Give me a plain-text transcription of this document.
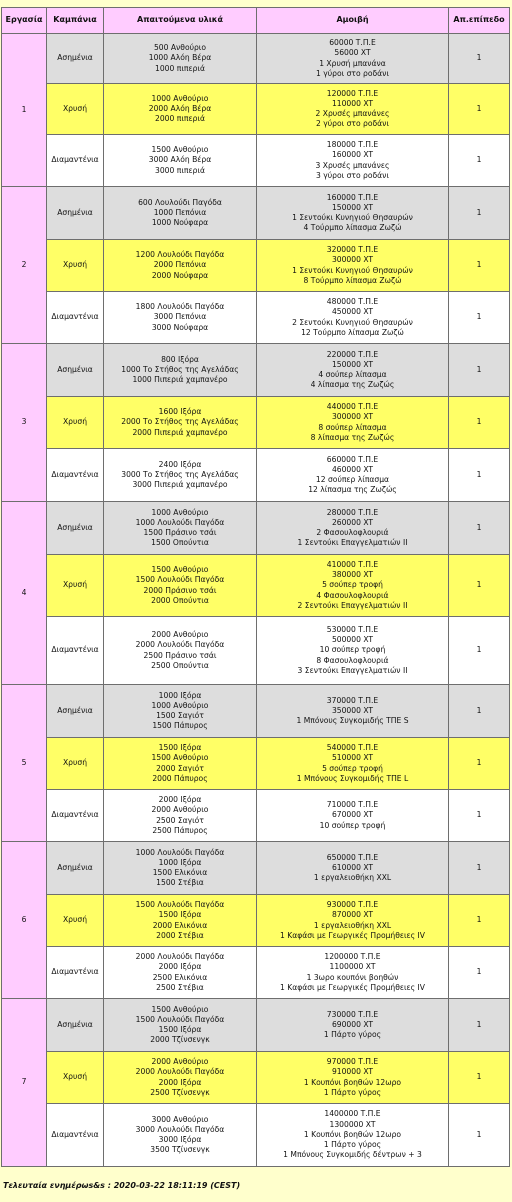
Εργασία	Καμπάνια	Απαιτούμενα υλικά	Αμοιβή	Απ.επίπεδο
1	Ασημένια	500 Ανθούριο
1000 Αλόη Βέρα
1000 πιπεριά	60000 Τ.Π.Ε
56000 XT
1 Χρυσή μπανάνα
1 γύροι στο ροδάνι	1
	Χρυσή	1000 Ανθούριο
2000 Αλόη Βέρα
2000 πιπεριά	120000 Τ.Π.Ε
110000 XT
2 Χρυσές μπανάνες
2 γύροι στο ροδάνι	1
	Διαμαντένια	1500 Ανθούριο
3000 Αλόη Βέρα
3000 πιπεριά	180000 Τ.Π.Ε
160000 XT
3 Χρυσές μπανάνες
3 γύροι στο ροδάνι	1
2	Ασημένια	600 Λουλούδι Παγόδα
1000 Πεπόνια
1000 Νούφαρα	160000 Τ.Π.Ε
150000 XT
1 Σεντούκι Κυνηγιού Θησαυρών
4 Τούρμπο λίπασμα Ζωζώ	1
	Χρυσή	1200 Λουλούδι Παγόδα
2000 Πεπόνια
2000 Νούφαρα	320000 Τ.Π.Ε
300000 XT
1 Σεντούκι Κυνηγιού Θησαυρών
8 Τούρμπο λίπασμα Ζωζώ	1
	Διαμαντένια	1800 Λουλούδι Παγόδα
3000 Πεπόνια
3000 Νούφαρα	480000 Τ.Π.Ε
450000 XT
2 Σεντούκι Κυνηγιού Θησαυρών
12 Τούρμπο λίπασμα Ζωζώ	1
3	Ασημένια	800 Ιξόρα
1000 Το Στήθος της Αγελάδας
1000 Πιπεριά χαμπανέρο	220000 Τ.Π.Ε
150000 XT
4 σούπερ λίπασμα
4 λίπασμα της Ζωζώς	1
	Χρυσή	1600 Ιξόρα
2000 Το Στήθος της Αγελάδας
2000 Πιπεριά χαμπανέρο	440000 Τ.Π.Ε
300000 XT
8 σούπερ λίπασμα
8 λίπασμα της Ζωζώς	1
	Διαμαντένια	2400 Ιξόρα
3000 Το Στήθος της Αγελάδας
3000 Πιπεριά χαμπανέρο	660000 Τ.Π.Ε
460000 XT
12 σούπερ λίπασμα
12 λίπασμα της Ζωζώς	1
4	Ασημένια	1000 Ανθούριο
1000 Λουλούδι Παγόδα
1500 Πράσινο τσάι
1500 Οπούντια	280000 Τ.Π.Ε
260000 XT
2 Φασουλοφλουριά
1 Σεντούκι Επαγγελματιών II	1
	Χρυσή	1500 Ανθούριο
1500 Λουλούδι Παγόδα
2000 Πράσινο τσάι
2000 Οπούντια	410000 Τ.Π.Ε
380000 XT
5 σούπερ τροφή
4 Φασουλοφλουριά
2 Σεντούκι Επαγγελματιών II	1
	Διαμαντένια	2000 Ανθούριο
2000 Λουλούδι Παγόδα
2500 Πράσινο τσάι
2500 Οπούντια	530000 Τ.Π.Ε
500000 XT
10 σούπερ τροφή
8 Φασουλοφλουριά
3 Σεντούκι Επαγγελματιών II	1
5	Ασημένια	1000 Ιξόρα
1000 Ανθούριο
1500 Σαγιότ
1500 Πάπυρος	370000 Τ.Π.Ε
350000 XT
1 Μπόνους Συγκομιδής ΤΠΕ S	1
	Χρυσή	1500 Ιξόρα
1500 Ανθούριο
2000 Σαγιότ
2000 Πάπυρος	540000 Τ.Π.Ε
510000 XT
5 σούπερ τροφή
1 Μπόνους Συγκομιδής ΤΠΕ L	1
	Διαμαντένια	2000 Ιξόρα
2000 Ανθούριο
2500 Σαγιότ
2500 Πάπυρος	710000 Τ.Π.Ε
670000 XT
10 σούπερ τροφή	1
6	Ασημένια	1000 Λουλούδι Παγόδα
1000 Ιξόρα
1500 Ελικόνια
1500 Στέβια	650000 Τ.Π.Ε
610000 XT
1 εργαλειοθήκη XXL	1
	Χρυσή	1500 Λουλούδι Παγόδα
1500 Ιξόρα
2000 Ελικόνια
2000 Στέβια	930000 Τ.Π.Ε
870000 XT
1 εργαλειοθήκη XXL
1 Καφάσι με Γεωργικές Προμήθειες IV	1
	Διαμαντένια	2000 Λουλούδι Παγόδα
2000 Ιξόρα
2500 Ελικόνια
2500 Στέβια	1200000 Τ.Π.Ε
1100000 XT
1 3ωρο κουπόνι βοηθών
1 Καφάσι με Γεωργικές Προμήθειες IV	1
7	Ασημένια	1500 Ανθούριο
1500 Λουλούδι Παγόδα
1500 Ιξόρα
2000 Τζίνσενγκ	730000 Τ.Π.Ε
690000 XT
1 Πάρτο γύρος	1
	Χρυσή	2000 Ανθούριο
2000 Λουλούδι Παγόδα
2000 Ιξόρα
2500 Τζίνσενγκ	970000 Τ.Π.Ε
910000 XT
1 Κουπόνι βοηθών 12ωρο
1 Πάρτο γύρος	1
	Διαμαντένια	3000 Ανθούριο
3000 Λουλούδι Παγόδα
3000 Ιξόρα
3500 Τζίνσενγκ	1400000 Τ.Π.Ε
1300000 XT
1 Κουπόνι βοηθών 12ωρο
1 Πάρτο γύρος
1 Μπόνους Συγκομιδής δέντρων + 3	1
Τελευταία ενημέρωs&s : 2020-03-22 18:11:19 (CEST)
